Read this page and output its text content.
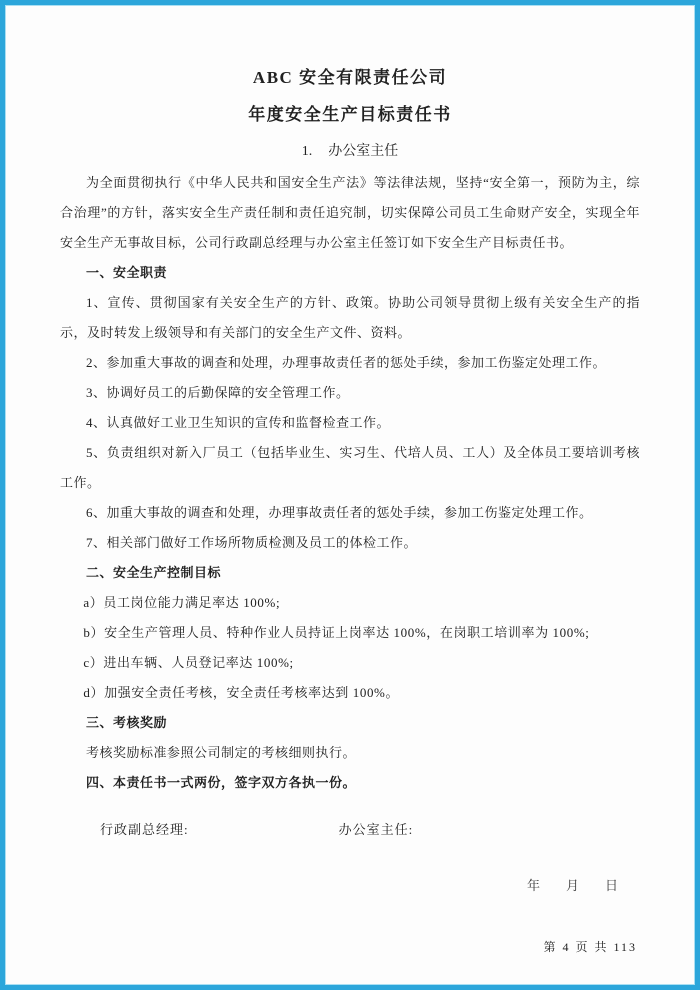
ABC 安全有限责任公司
年度安全生产目标责任书
1. 办公室主任
为全面贯彻执行《中华人民共和国安全生产法》等法律法规，坚持“安全第一，预防为主，综合治理”的方针，落实安全生产责任制和责任追究制，切实保障公司员工生命财产安全，实现全年安全生产无事故目标，公司行政副总经理与办公室主任签订如下安全生产目标责任书。
一、安全职责
1、宣传、贯彻国家有关安全生产的方针、政策。协助公司领导贯彻上级有关安全生产的指示，及时转发上级领导和有关部门的安全生产文件、资料。
2、参加重大事故的调查和处理，办理事故责任者的惩处手续，参加工伤鉴定处理工作。
3、协调好员工的后勤保障的安全管理工作。
4、认真做好工业卫生知识的宣传和监督检查工作。
5、负责组织对新入厂员工（包括毕业生、实习生、代培人员、工人）及全体员工要培训考核工作。
6、加重大事故的调查和处理，办理事故责任者的惩处手续，参加工伤鉴定处理工作。
7、相关部门做好工作场所物质检测及员工的体检工作。
二、安全生产控制目标
a）员工岗位能力满足率达 100%;
b）安全生产管理人员、特种作业人员持证上岗率达 100%，在岗职工培训率为 100%;
c）进出车辆、人员登记率达 100%;
d）加强安全责任考核，安全责任考核率达到 100%。
三、考核奖励
考核奖励标准参照公司制定的考核细则执行。
四、本责任书一式两份，签字双方各执一份。
行政副总经理:	办公室主任:
年        月        日
第 4 页 共 113
